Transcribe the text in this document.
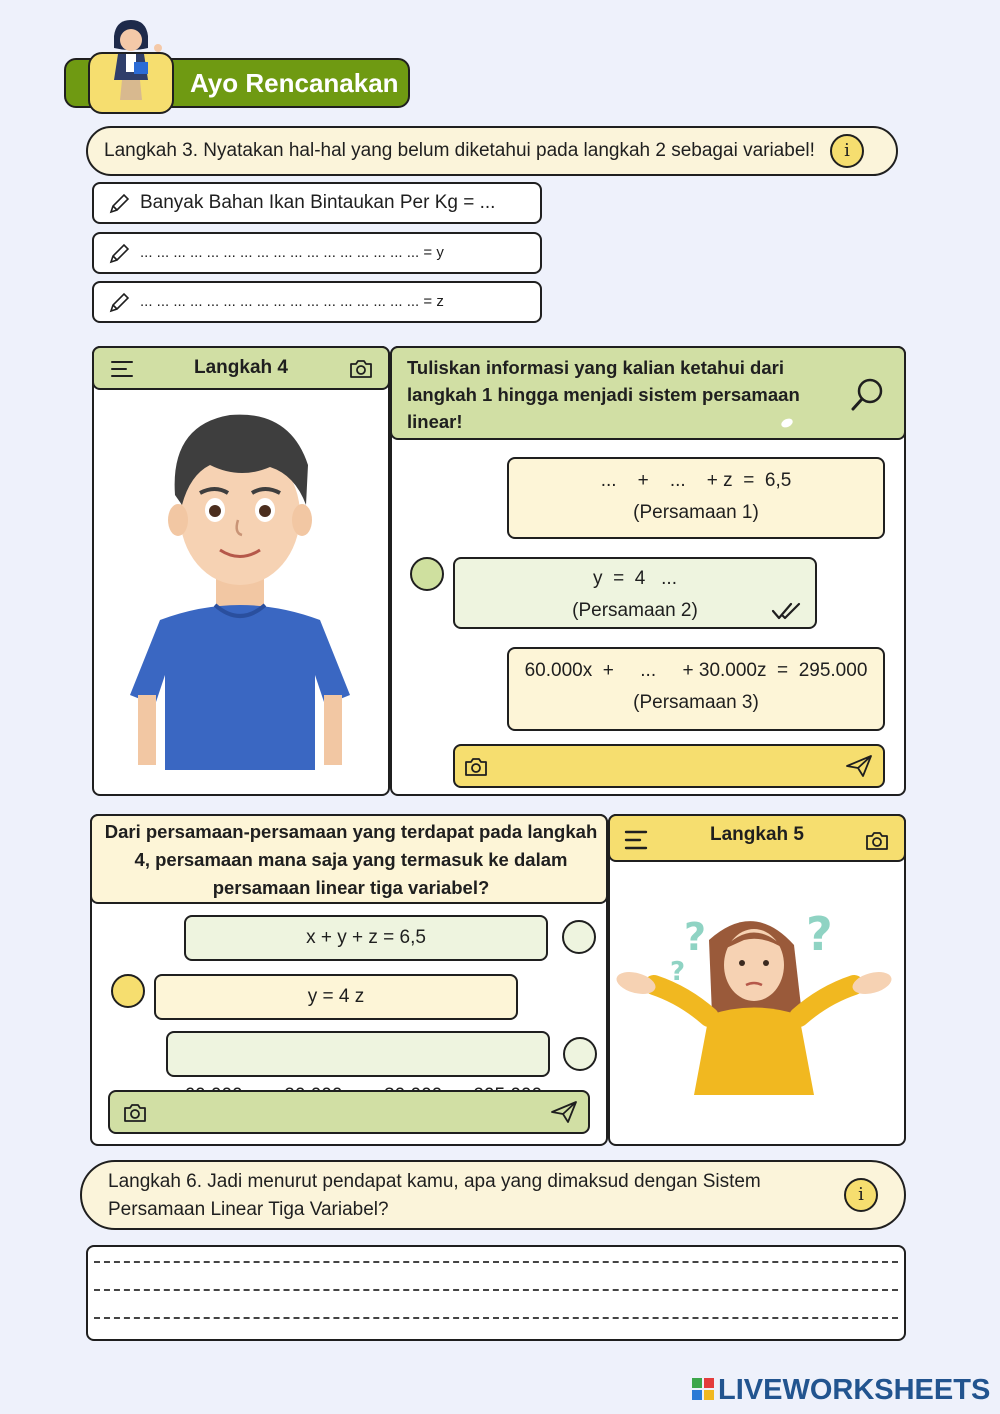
Ayo Rencanakan
Langkah 3. Nyatakan hal-hal yang belum diketahui pada langkah 2 sebagai variabel!	i
Banyak Bahan Ikan Bintaukan Per Kg = ...
... ... ... ... ... ... ... ... ... ... ... ... ... ... ... ... ... = y
... ... ... ... ... ... ... ... ... ... ... ... ... ... ... ... ... = z
Langkah 4	Tuliskan informasi yang kalian ketahui dari langkah 1 hingga menjadi sistem persamaan linear!
...    +    ...    + z  =  6,5
(Persamaan 1)
y  =  4   ...
(Persamaan 2)
60.000x  +     ...     + 30.000z  =  295.000
(Persamaan 3)
Dari persamaan-persamaan yang terdapat pada langkah 4, persamaan mana saja yang termasuk ke dalam persamaan linear tiga variabel?
x + y + z = 6,5
y = 4 z

Langkah 5
?
?
?
Langkah 6. Jadi menurut pendapat kamu, apa yang dimaksud dengan Sistem Persamaan Linear Tiga Variabel?
i
LIVEWORKSHEETS
